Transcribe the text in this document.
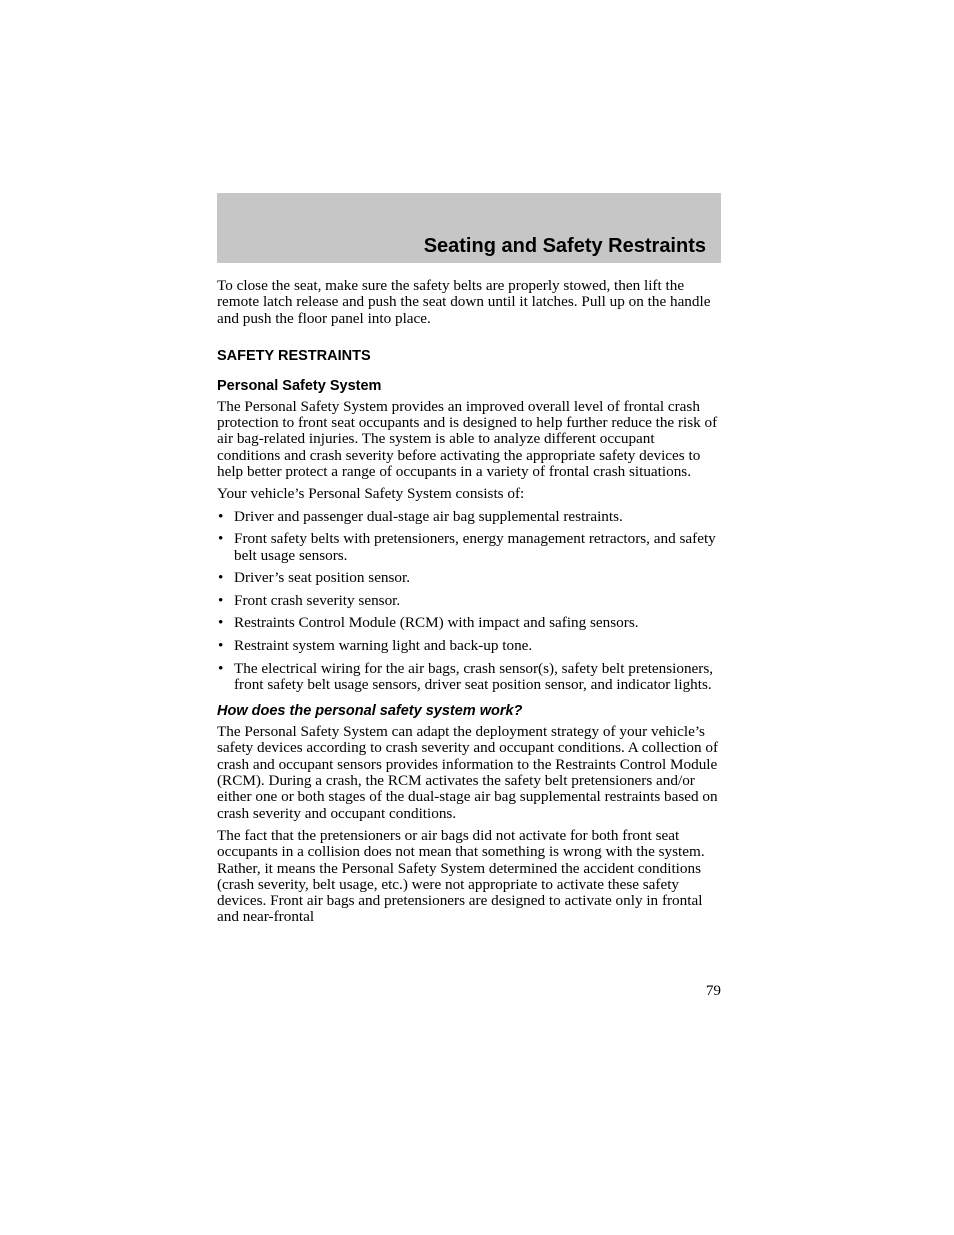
Seating and Safety Restraints

To close the seat, make sure the safety belts are properly stowed, then lift the remote latch release and push the seat down until it latches. Pull up on the handle and push the floor panel into place.

SAFETY RESTRAINTS
Personal Safety System

The Personal Safety System provides an improved overall level of frontal crash protection to front seat occupants and is designed to help further reduce the risk of air bag-related injuries. The system is able to analyze different occupant conditions and crash severity before activating the appropriate safety devices to help better protect a range of occupants in a variety of frontal crash situations.

Your vehicle’s Personal Safety System consists of:

• Driver and passenger dual-stage air bag supplemental restraints.
• Front safety belts with pretensioners, energy management retractors, and safety belt usage sensors.
• Driver’s seat position sensor.
• Front crash severity sensor.
• Restraints Control Module (RCM) with impact and safing sensors.
• Restraint system warning light and back-up tone.
• The electrical wiring for the air bags, crash sensor(s), safety belt pretensioners, front safety belt usage sensors, driver seat position sensor, and indicator lights.
How does the personal safety system work?

The Personal Safety System can adapt the deployment strategy of your vehicle’s safety devices according to crash severity and occupant conditions. A collection of crash and occupant sensors provides information to the Restraints Control Module (RCM). During a crash, the RCM activates the safety belt pretensioners and/or either one or both stages of the dual-stage air bag supplemental restraints based on crash severity and occupant conditions.

The fact that the pretensioners or air bags did not activate for both front seat occupants in a collision does not mean that something is wrong with the system. Rather, it means the Personal Safety System determined the accident conditions (crash severity, belt usage, etc.) were not appropriate to activate these safety devices. Front air bags and pretensioners are designed to activate only in frontal and near-frontal

79
